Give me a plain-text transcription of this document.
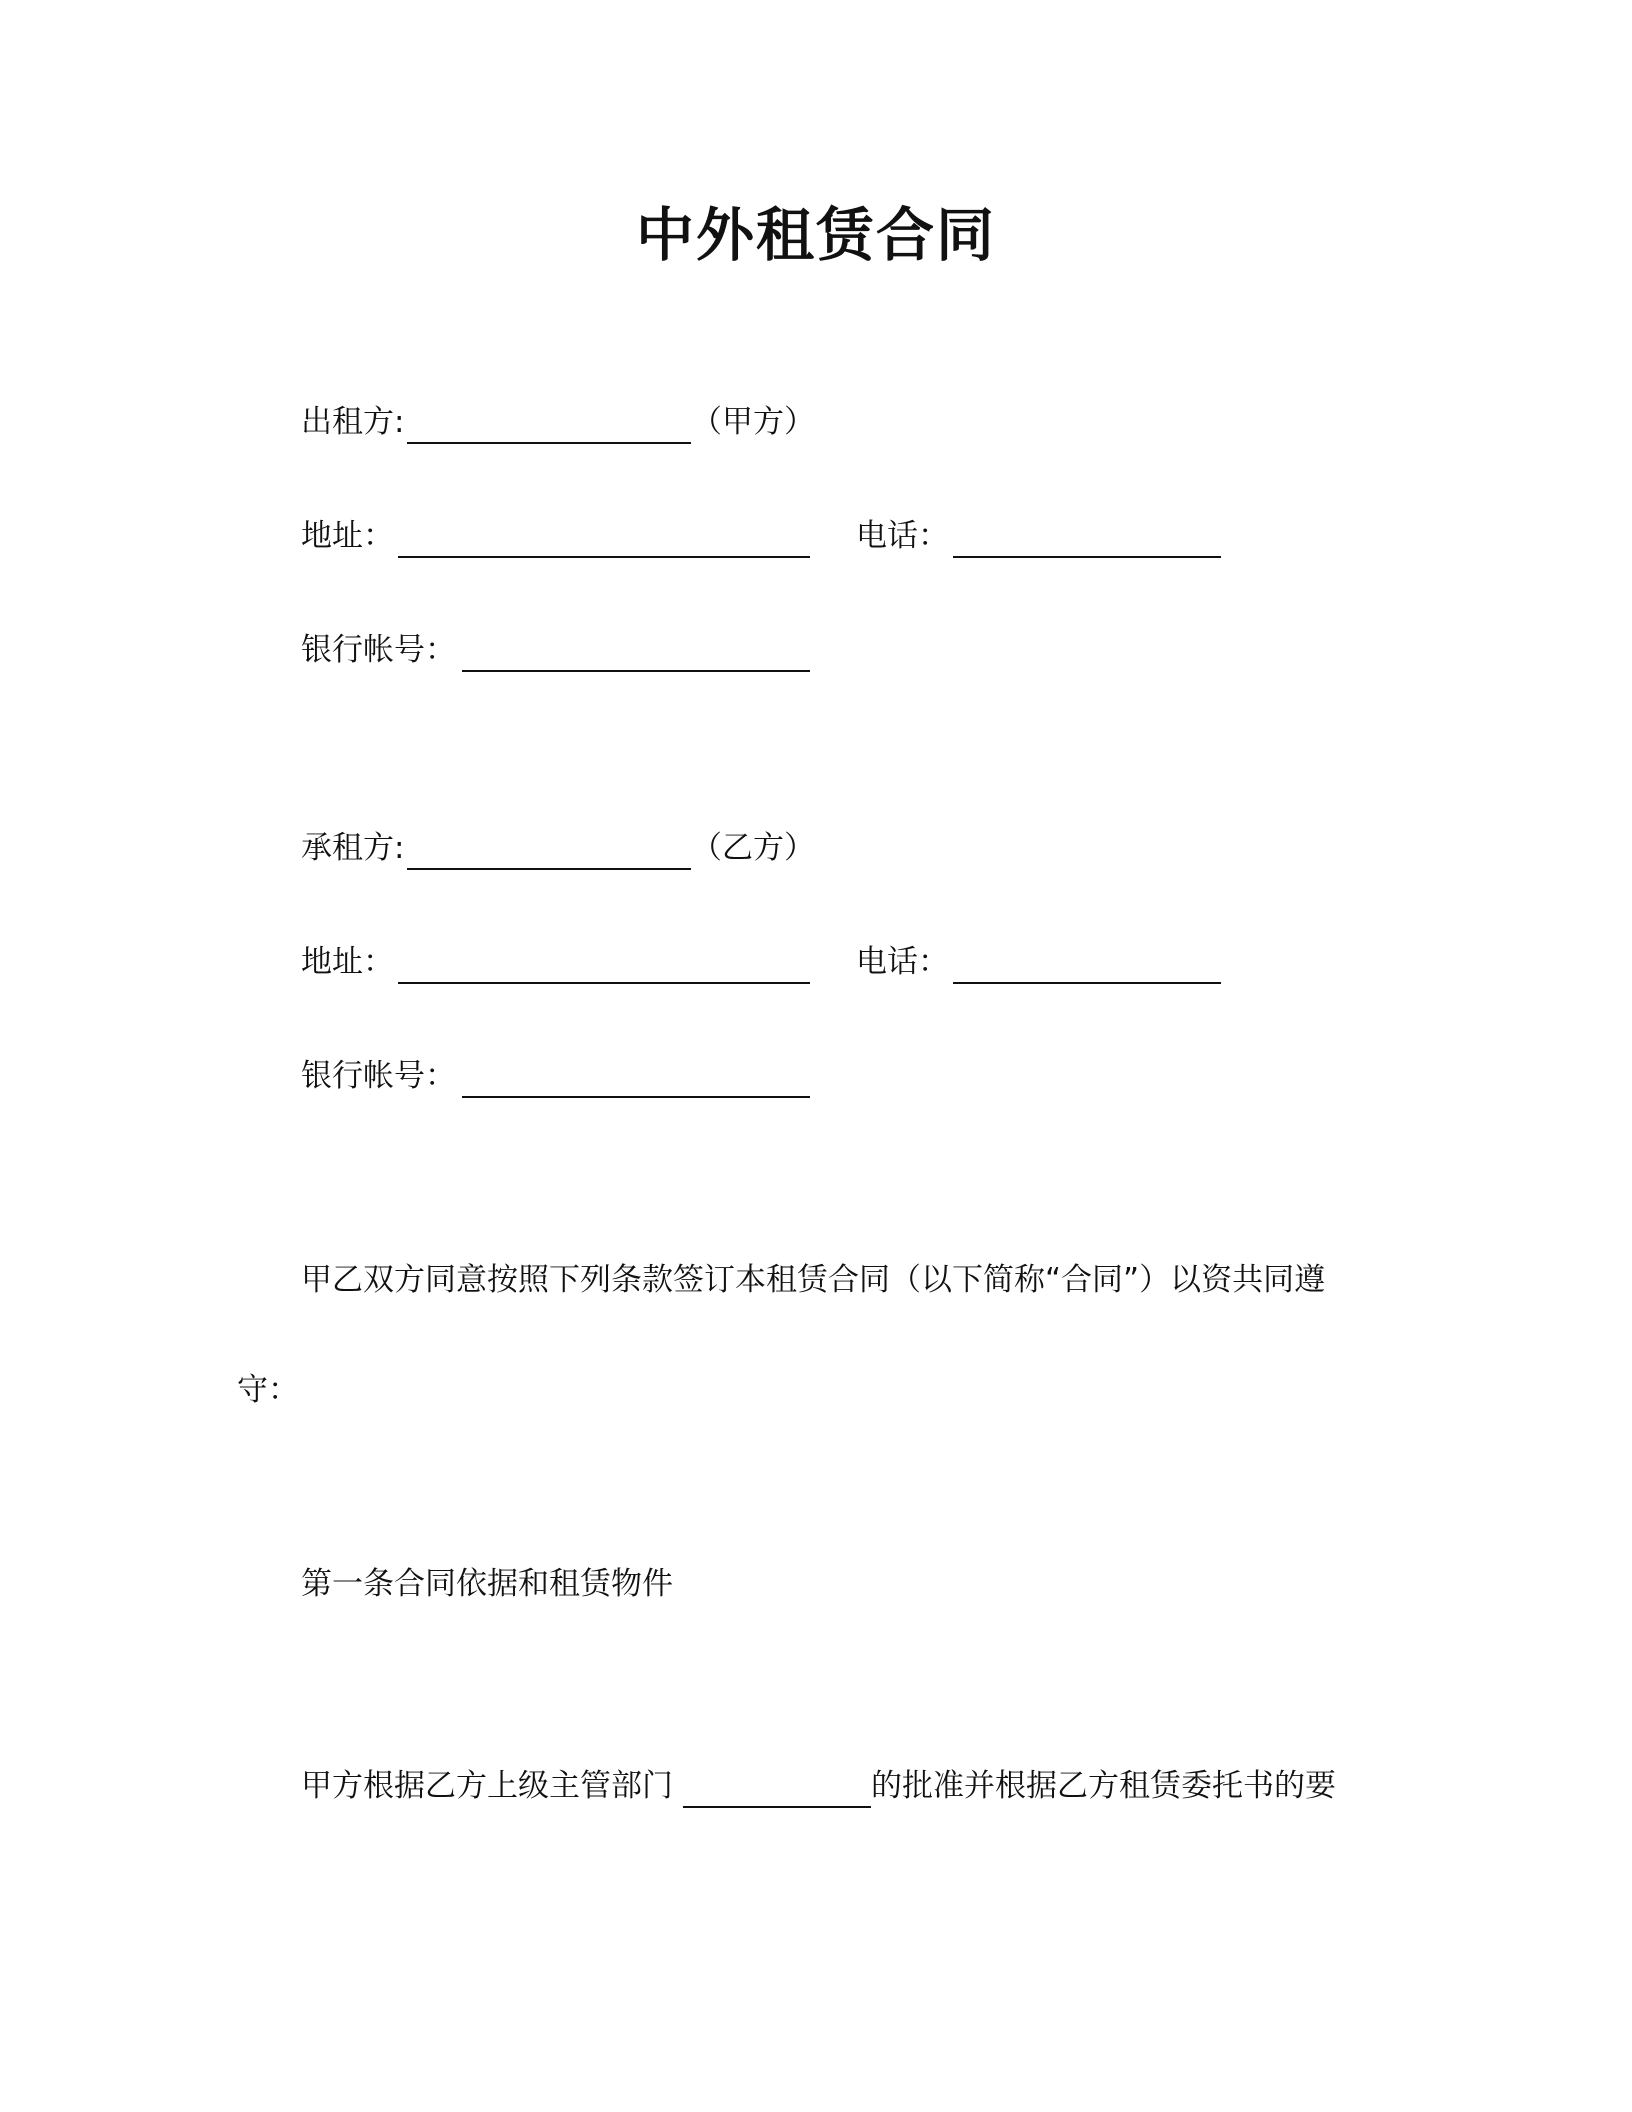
中外租赁合同
出租方:	（甲方）
地址：	电话：
银行帐号：
承租方:	（乙方）
地址：	电话：
银行帐号：
甲乙双方同意按照下列条款签订本租赁合同（以下简称“合同”）以资共同遵
守：
第一条合同依据和租赁物件
甲方根据乙方上级主管部门	的批准并根据乙方租赁委托书的要
